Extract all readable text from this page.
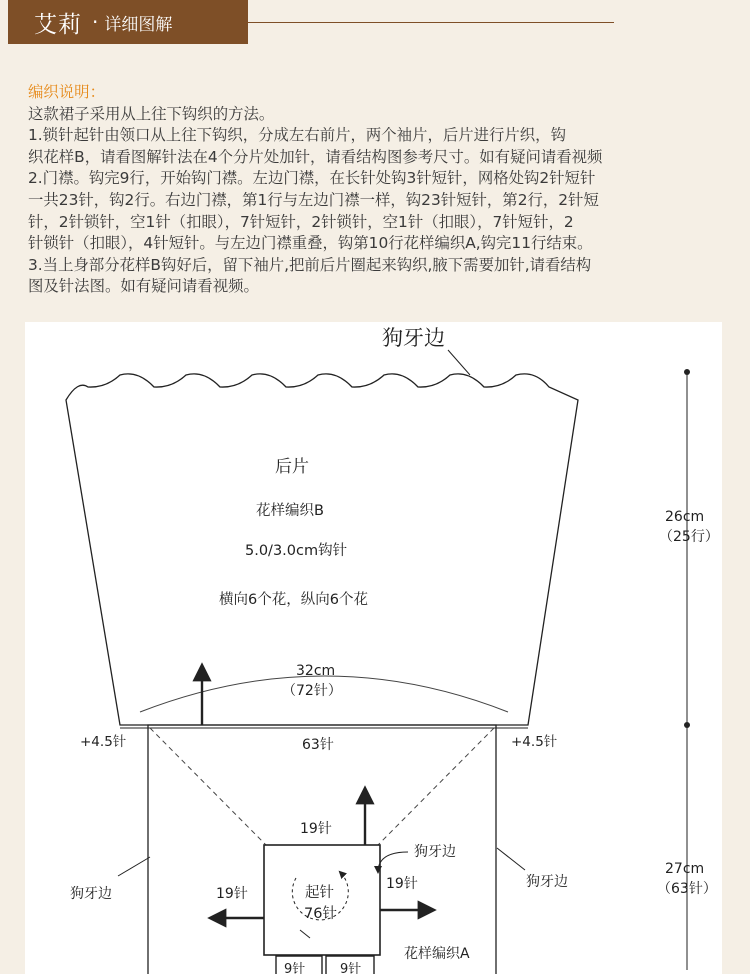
艾莉 · 详细图解

编织说明：

这款裙子采用从上往下钩织的方法。

1.锁针起针由领口从上往下钩织，分成左右前片，两个袖片，后片进行片织，钩

织花样B，请看图解针法在4个分片处加针，请看结构图参考尺寸。如有疑问请看视频

2.门襟。钩完9行，开始钩门襟。左边门襟，在长针处钩3针短针，网格处钩2针短针

一共23针，钩2行。右边门襟，第1行与左边门襟一样，钩23针短针，第2行，2针短

针，2针锁针，空1针（扣眼），7针短针，2针锁针，空1针（扣眼），7针短针，2

针锁针（扣眼），4针短针。与左边门襟重叠，钩第10行花样编织A,钩完11行结束。

3.当上身部分花样B钩好后，留下袖片,把前后片圈起来钩织,腋下需要加针,请看结构

图及针法图。如有疑问请看视频。

狗牙边
后片
花样编织B
5.0/3.0cm钩针
横向6个花，纵向6个花
32cm
（72针）
26cm
（25行）
27cm
（63针）
+4.5针	+4.5针
63针
19针
19针
19针
起针
76针
狗牙边
狗牙边
狗牙边
花样编织A
9针	9针
